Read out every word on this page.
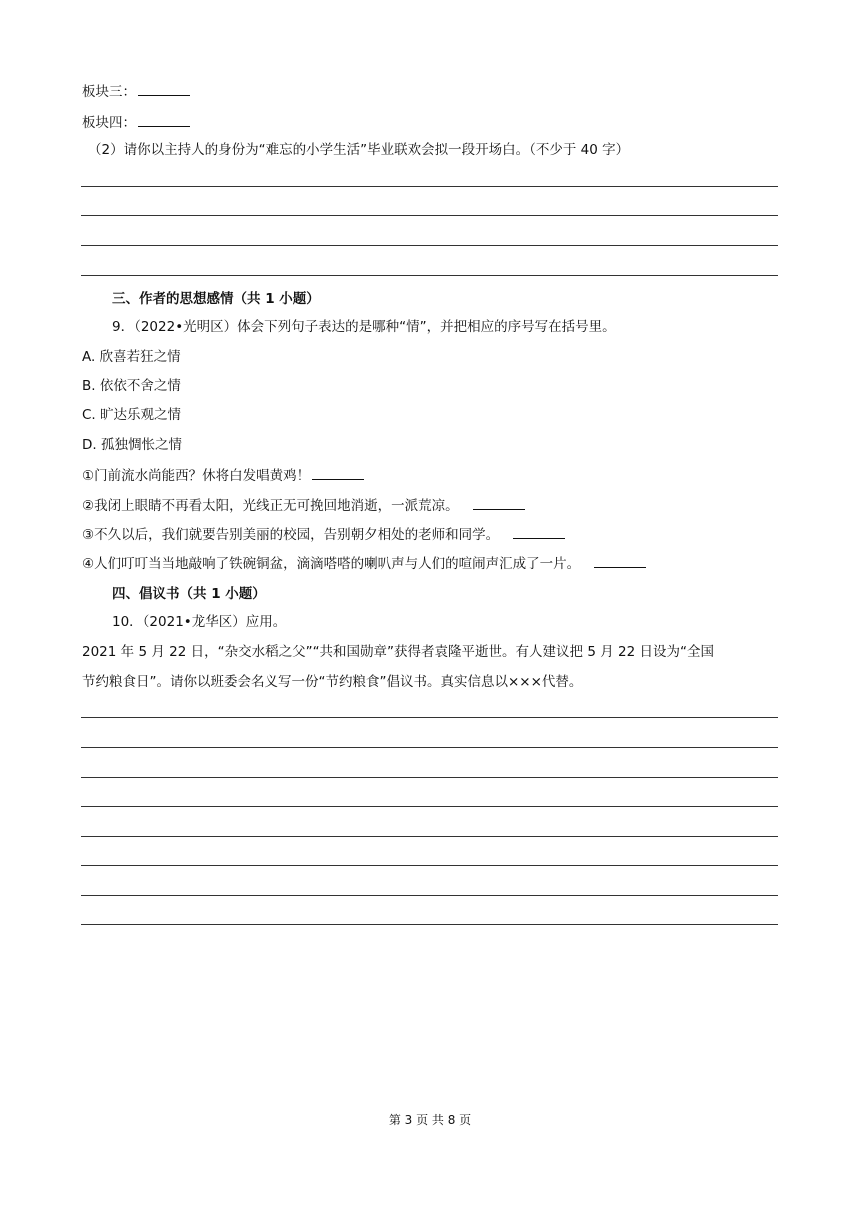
板块三：
板块四：
（2）请你以主持人的身份为“难忘的小学生活”毕业联欢会拟一段开场白。（不少于 40 字）
三、作者的思想感情（共 1 小题）
9．（2022•光明区）体会下列句子表达的是哪种“情”，并把相应的序号写在括号里。
A. 欣喜若狂之情
B. 依依不舍之情
C. 旷达乐观之情
D. 孤独惆怅之情
①门前流水尚能西？休将白发唱黄鸡！
②我闭上眼睛不再看太阳，光线正无可挽回地消逝，一派荒凉。
③不久以后，我们就要告别美丽的校园，告别朝夕相处的老师和同学。
④人们叮叮当当地敲响了铁碗铜盆，滴滴嗒嗒的喇叭声与人们的喧闹声汇成了一片。
四、倡议书（共 1 小题）
10．（2021•龙华区）应用。
2021 年 5 月 22 日，“杂交水稻之父”“共和国勋章”获得者袁隆平逝世。有人建议把 5 月 22 日设为“全国
节约粮食日”。请你以班委会名义写一份“节约粮食”倡议书。真实信息以×××代替。
第 3 页 共 8 页
